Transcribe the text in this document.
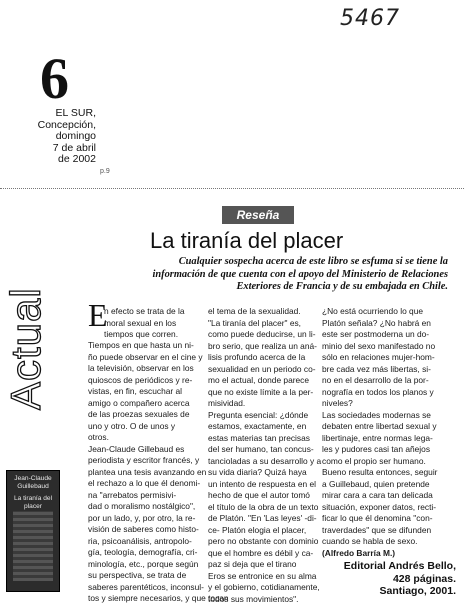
5467
6
EL SUR,
Concepción,
domingo
7 de abril
de 2002
p.9
Actual
Reseña
La tiranía del placer
Cualquier sospecha acerca de este libro se esfuma si se tiene la
información de que cuenta con el apoyo del Ministerio de Relaciones
Exteriores de Francia y de su embajada en Chile.
E
n efecto se trata de la
moral sexual en los
tiempos que corren.
Tiempos en que hasta un ni-
ño puede observar en el cine y
la televisión, observar en los
quioscos de periódicos y re-
vistas, en fin, escuchar al
amigo o compañero acerca
de las proezas sexuales de
uno y otro. O de unos y
otros.
Jean-Claude Gillebaud es
periodista y escritor francés, y
plantea una tesis avanzando en
el rechazo a lo que él denomi-
na "arrebatos permisivi-
dad o moralismo nostálgico",
por un lado, y, por otro, la re-
visión de saberes como histo-
ria, psicoanálisis, antropolo-
gía, teología, demografía, cri-
minología, etc., porque según
su perspectiva, se trata de
saberes parentéticos, inconsul-
tos y siempre necesarios, y que tocan
el tema de la sexualidad.
"La tiranía del placer" es,
como puede deducirse, un li-
bro serio, que realiza un aná-
lisis profundo acerca de la
sexualidad en un periodo co-
mo el actual, donde parece
que no existe límite a la per-
misividad.
Pregunta esencial: ¿dónde
estamos, exactamente, en
estas materias tan precisas
del ser humano, tan concus-
tancioladas a su desarrollo y a
su vida diaria? Quizá haya
un intento de respuesta en el
hecho de que el autor tomó
el título de la obra de un texto
de Platón. "En 'Las leyes' -di-
ce- Platón elogia el placer,
pero no obstante con dominio
que el hombre es débil y ca-
paz si deja que el tirano
Eros se entronice en su alma
y el gobierno, cotidianamente,
todos sus movimientos".
¿No está ocurriendo lo que
Platón señala? ¿No habrá en
este ser postmoderna un do-
minio del sexo manifestado no
sólo en relaciones mujer-hom-
bre cada vez más libertas, si-
no en el desarrollo de la por-
nografía en todos los planos y
niveles?
Las sociedades modernas se
debaten entre libertad sexual y
libertinaje, entre normas lega-
les y pudores casi tan añejos
como el propio ser humano.
Bueno resulta entonces, seguir
a Guillebaud, quien pretende
mirar cara a cara tan delicada
situación, exponer datos, recti-
ficar lo que él denomina "con-
traverdades" que se difunden
cuando se habla de sexo.
(Alfredo Barría M.)
Jean-Claude Guillebaud
La tiranía del placer
Editorial Andrés Bello,
428 páginas.
Santiago, 2001.
